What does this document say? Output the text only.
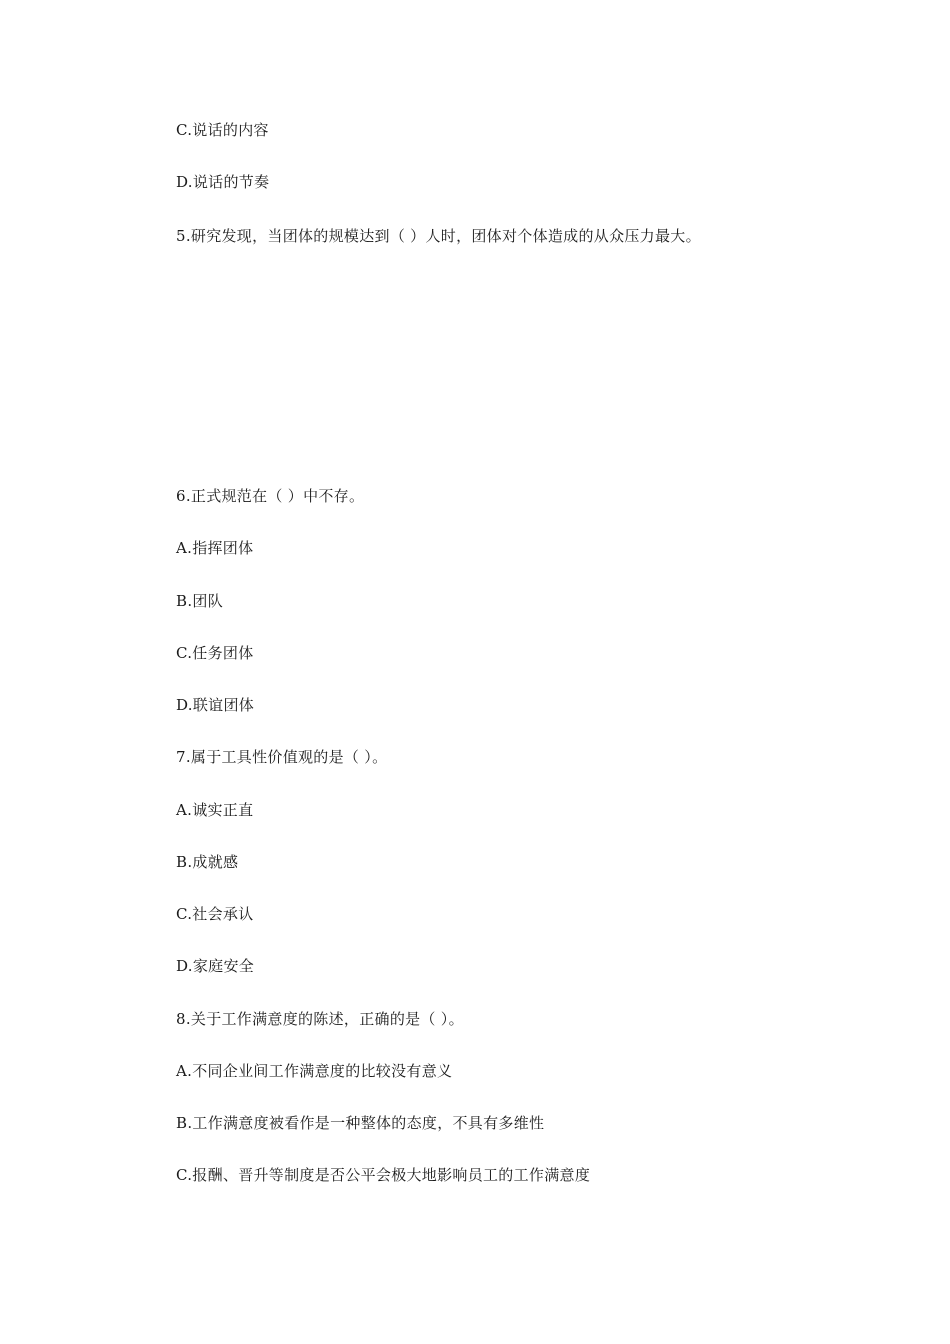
C.说话的内容
D.说话的节奏
5.研究发现，当团体的规模达到（ ）人时，团体对个体造成的从众压力最大。
6.正式规范在（ ）中不存。
A.指挥团体
B.团队
C.任务团体
D.联谊团体
7.属于工具性价值观的是（ ）。
A.诚实正直
B.成就感
C.社会承认
D.家庭安全
8.关于工作满意度的陈述，正确的是（ ）。
A.不同企业间工作满意度的比较没有意义
B.工作满意度被看作是一种整体的态度，不具有多维性
C.报酬、晋升等制度是否公平会极大地影响员工的工作满意度
